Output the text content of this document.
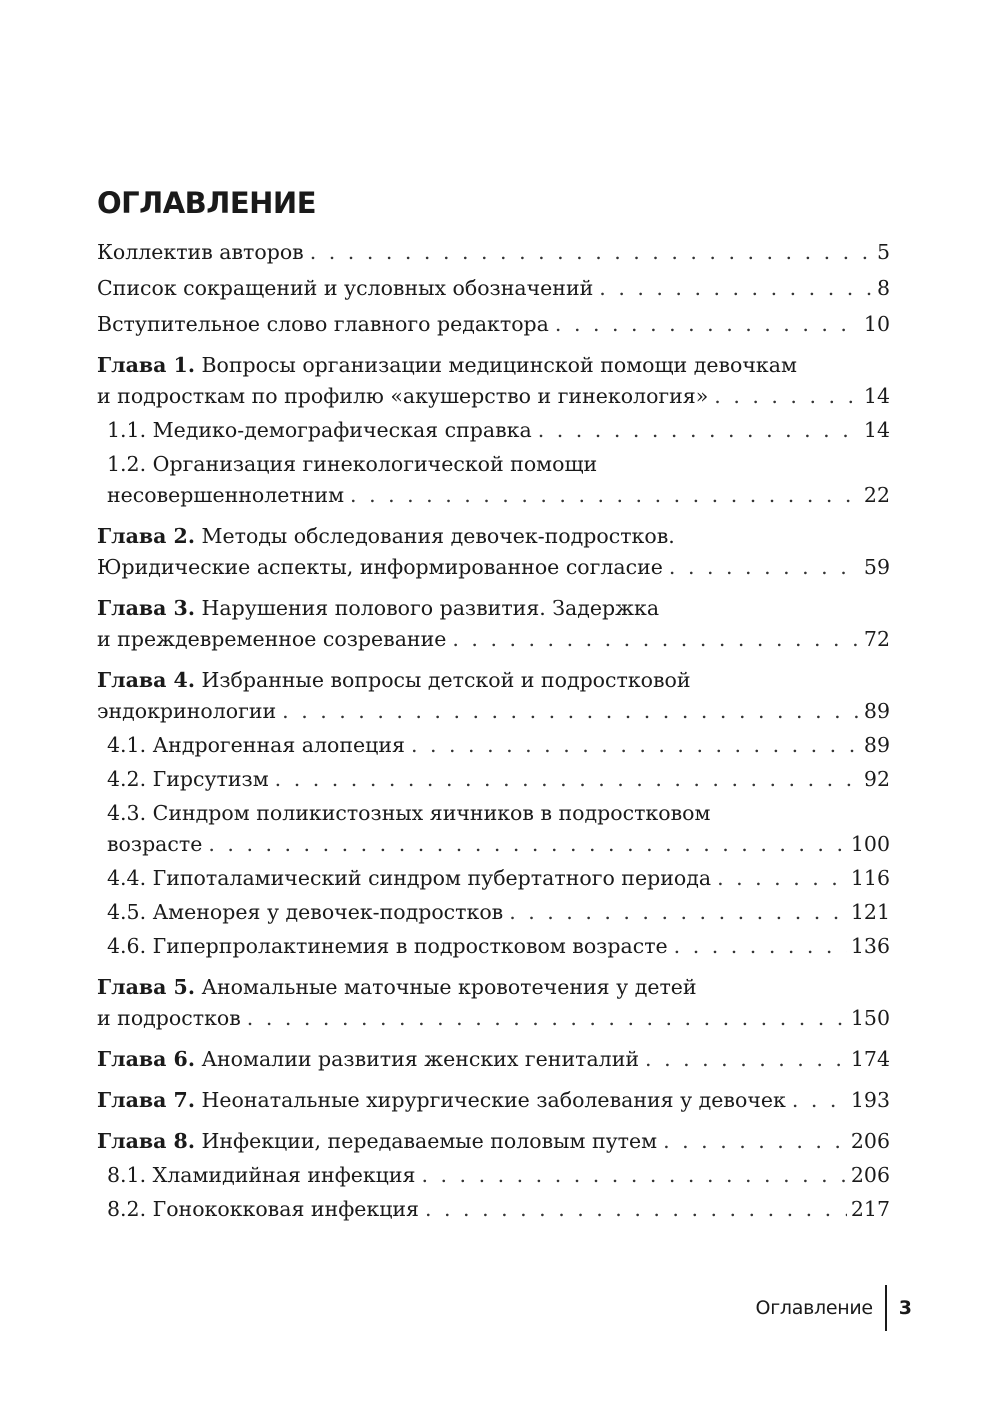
ОГЛАВЛЕНИЕ
Коллектив авторов . . .	5
Список сокращений и условных обозначений . . .	8
Вступительное слово главного редактора . . .	10
Глава 1. Вопросы организации медицинской помощи девочкам
и подросткам по профилю «акушерство и гинекология» . . .	14
1.1. Медико-демографическая справка . . .	14
1.2. Организация гинекологической помощи
несовершеннолетним . . .	22
Глава 2. Методы обследования девочек-подростков.
Юридические аспекты, информированное согласие . . .	59
Глава 3. Нарушения полового развития. Задержка
и преждевременное созревание . . .	72
Глава 4. Избранные вопросы детской и подростковой
эндокринологии . . .	89
4.1. Андрогенная алопеция . . .	89
4.2. Гирсутизм . . .	92
4.3. Синдром поликистозных яичников в подростковом
возрасте . . .	100
4.4. Гипоталамический синдром пубертатного периода . . .	116
4.5. Аменорея у девочек-подростков . . .	121
4.6. Гиперпролактинемия в подростковом возрасте . . .	136
Глава 5. Аномальные маточные кровотечения у детей
и подростков . . .	150
Глава 6. Аномалии развития женских гениталий . . .	174
Глава 7. Неонатальные хирургические заболевания у девочек . . .	193
Глава 8. Инфекции, передаваемые половым путем . . .	206
8.1. Хламидийная инфекция . . .	206
8.2. Гонококковая инфекция . . .	217
Оглавление	3
